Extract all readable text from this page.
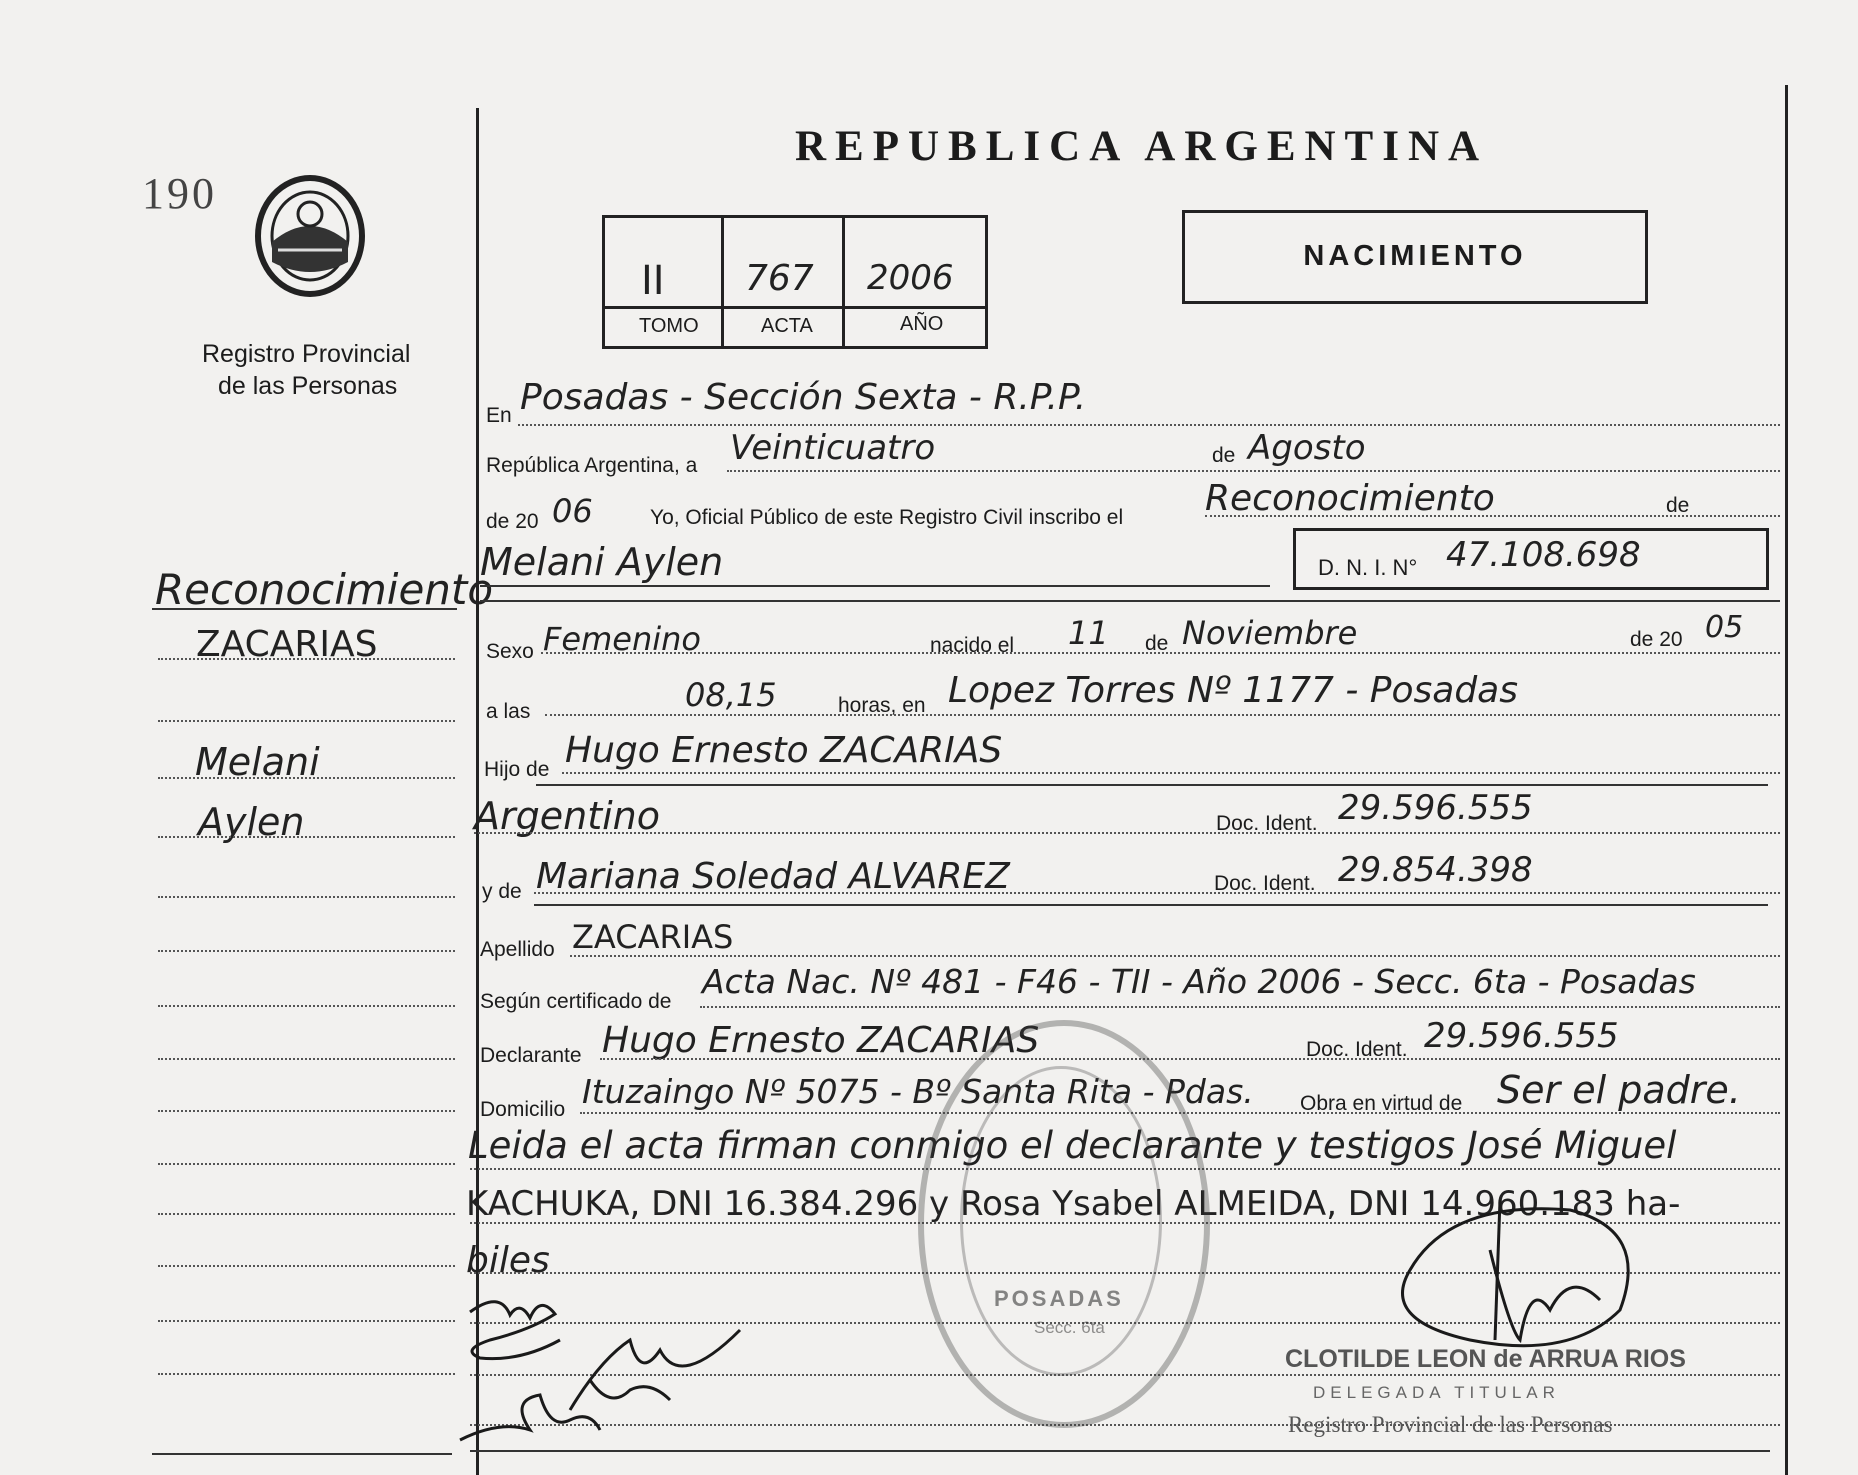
190
Registro Provincial
de las Personas
Reconocimiento
ZACARIAS
Melani
Aylen
REPUBLICA ARGENTINA
II 767 2006
TOMO	ACTA	AÑO
NACIMIENTO
En Posadas - Sección Sexta - R.P.P.
República Argentina, a Veinticuatro	de Agosto
de 20 06	Yo, Oficial Público de este Registro Civil inscribo el Reconocimiento	de
Melani Aylen	D. N. I. N° 47.108.698
Sexo Femenino	nacido el 11 de Noviembre	de 20 05
a las	08,15	horas, en Lopez Torres Nº 1177 - Posadas
Hijo de Hugo Ernesto ZACARIAS
Argentino	Doc. Ident. 29.596.555
y de Mariana Soledad ALVAREZ	Doc. Ident. 29.854.398
Apellido ZACARIAS
Según certificado de
Acta Nac. Nº 481 - F46 - TII - Año 2006 - Secc. 6ta - Posadas
Declarante Hugo Ernesto ZACARIAS	Doc. Ident. 29.596.555
Domicilio Ituzaingo Nº 5075 - Bº Santa Rita - Pdas. Obra en virtud de Ser el padre.
Leida el acta firman conmigo el declarante y testigos José Miguel
KACHUKA, DNI 16.384.296 y Rosa Ysabel ALMEIDA, DNI 14.960.183 ha-
biles
POSADAS
Secc. 6ta
CLOTILDE LEON de ARRUA RIOS
DELEGADA TITULAR
Registro Provincial de las Personas
